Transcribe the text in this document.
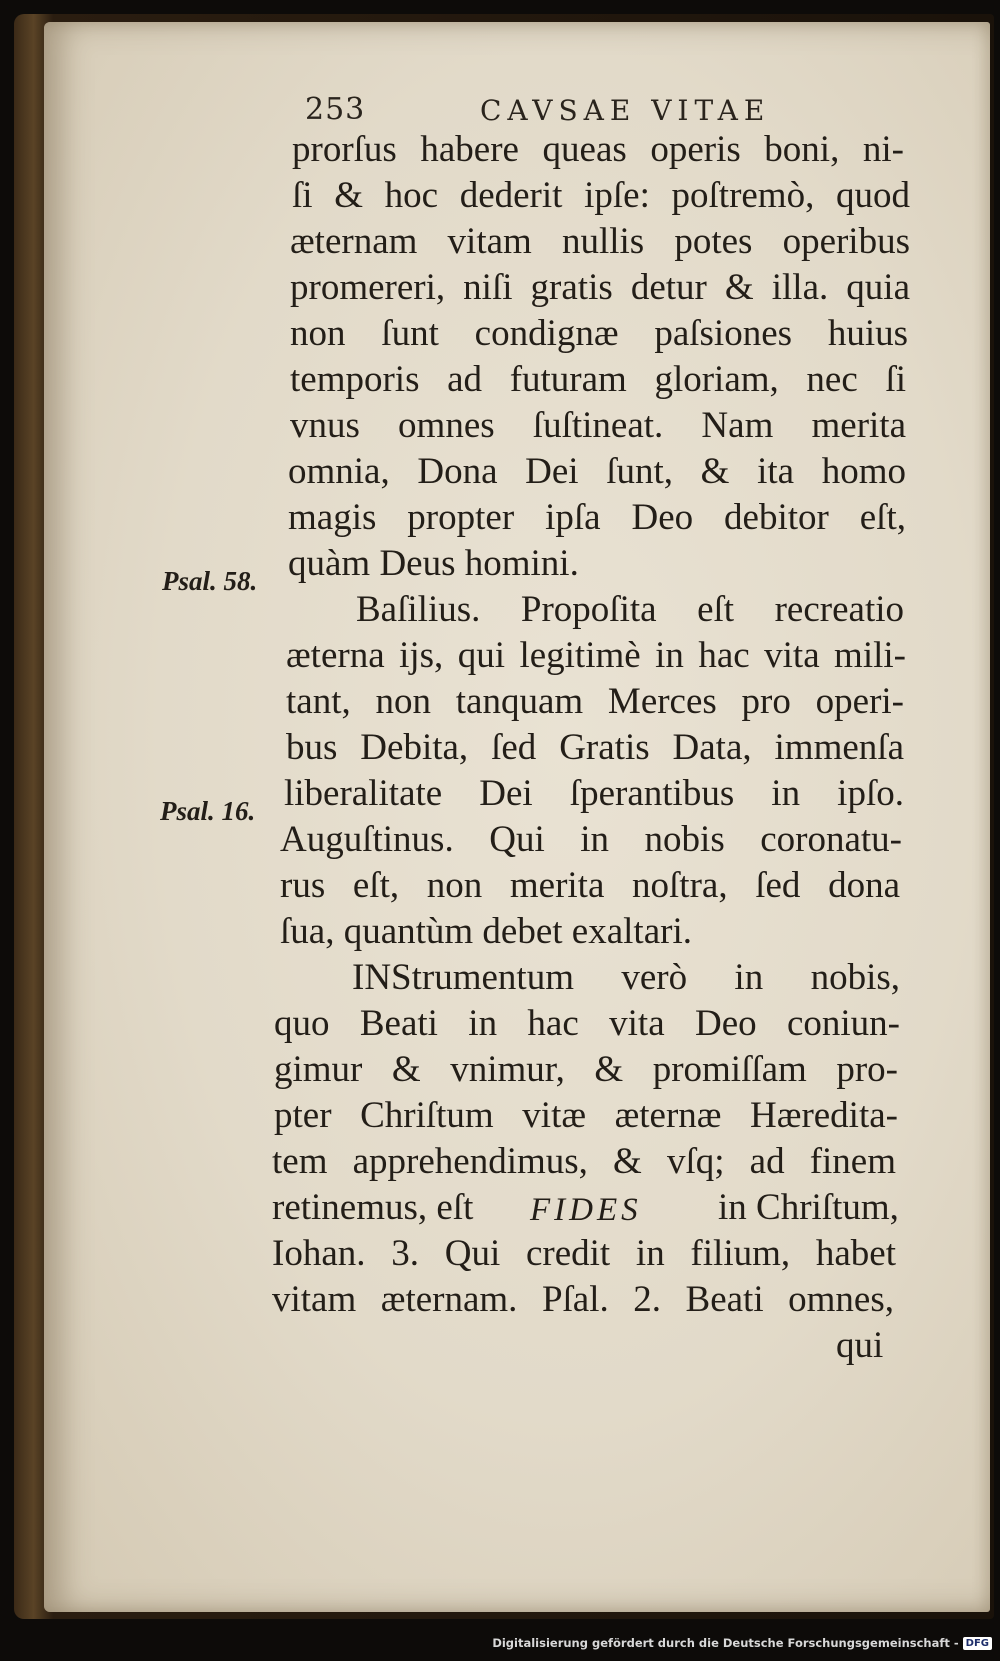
253	CAVSAE VITAE
prorſus habere queas operis boni, ni-
ſi & hoc dederit ipſe: poſtremò, quod
æternam vitam nullis potes operibus
promereri, niſi gratis detur & illa. quia
non ſunt condignæ paſsiones huius
temporis ad futuram gloriam, nec ſi
vnus omnes ſuſtineat. Nam merita
omnia, Dona Dei ſunt, & ita homo
magis propter ipſa Deo debitor eſt,
quàm Deus homini.
Psal. 58.
Baſilius. Propoſita eſt recreatio
æterna ijs, qui legitimè in hac vita mili-
tant, non tanquam Merces pro operi-
bus Debita, ſed Gratis Data, immenſa
liberalitate Dei ſperantibus in ipſo.
Psal. 16.
Auguſtinus. Qui in nobis coronatu-
rus eſt, non merita noſtra, ſed dona
ſua, quantùm debet exaltari.
INStrumentum verò in nobis,
quo Beati in hac vita Deo coniun-
gimur & vnimur, & promiſſam pro-
pter Chriſtum vitæ æternæ Hæredita-
tem apprehendimus, & vſq; ad finem
retinemus, eſt FIDES in Chriſtum,
Iohan. 3. Qui credit in filium, habet
vitam æternam. Pſal. 2. Beati omnes,
qui
Digitalisierung gefördert durch die Deutsche Forschungsgemeinschaft - DFG
